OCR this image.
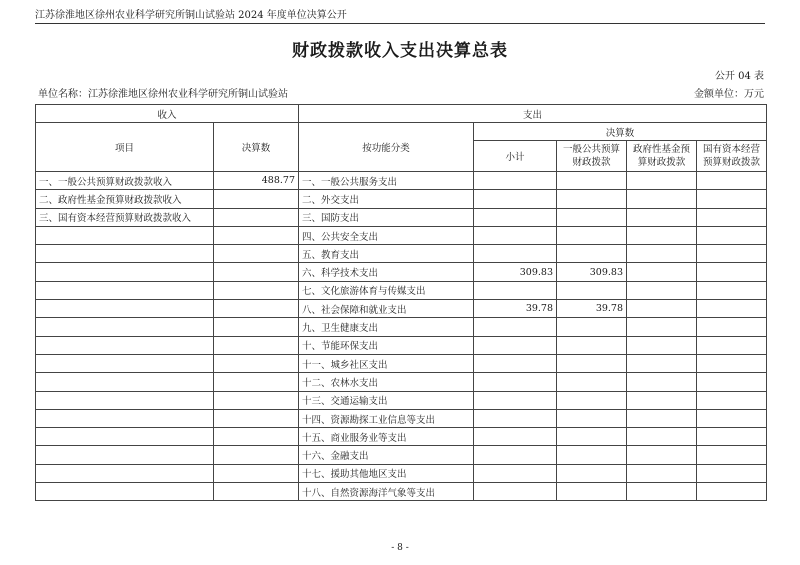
江苏徐淮地区徐州农业科学研究所铜山试验站 2024 年度单位决算公开
财政拨款收入支出决算总表
公开 04 表
单位名称：江苏徐淮地区徐州农业科学研究所铜山试验站	金额单位：万元
收入		支出				
项目	决算数	按功能分类	决算数			
			小计	一般公共预算财政拨款	政府性基金预算财政拨款	国有资本经营预算财政拨款
一、一般公共预算财政拨款收入	488.77	一、一般公共服务支出				
二、政府性基金预算财政拨款收入		二、外交支出				
三、国有资本经营预算财政拨款收入		三、国防支出				
		四、公共安全支出				
		五、教育支出				
		六、科学技术支出	309.83	309.83		
		七、文化旅游体育与传媒支出				
		八、社会保障和就业支出	39.78	39.78		
		九、卫生健康支出				
		十、节能环保支出				
		十一、城乡社区支出				
		十二、农林水支出				
		十三、交通运输支出				
		十四、资源勘探工业信息等支出				
		十五、商业服务业等支出				
		十六、金融支出				
		十七、援助其他地区支出				
		十八、自然资源海洋气象等支出				
- 8 -
